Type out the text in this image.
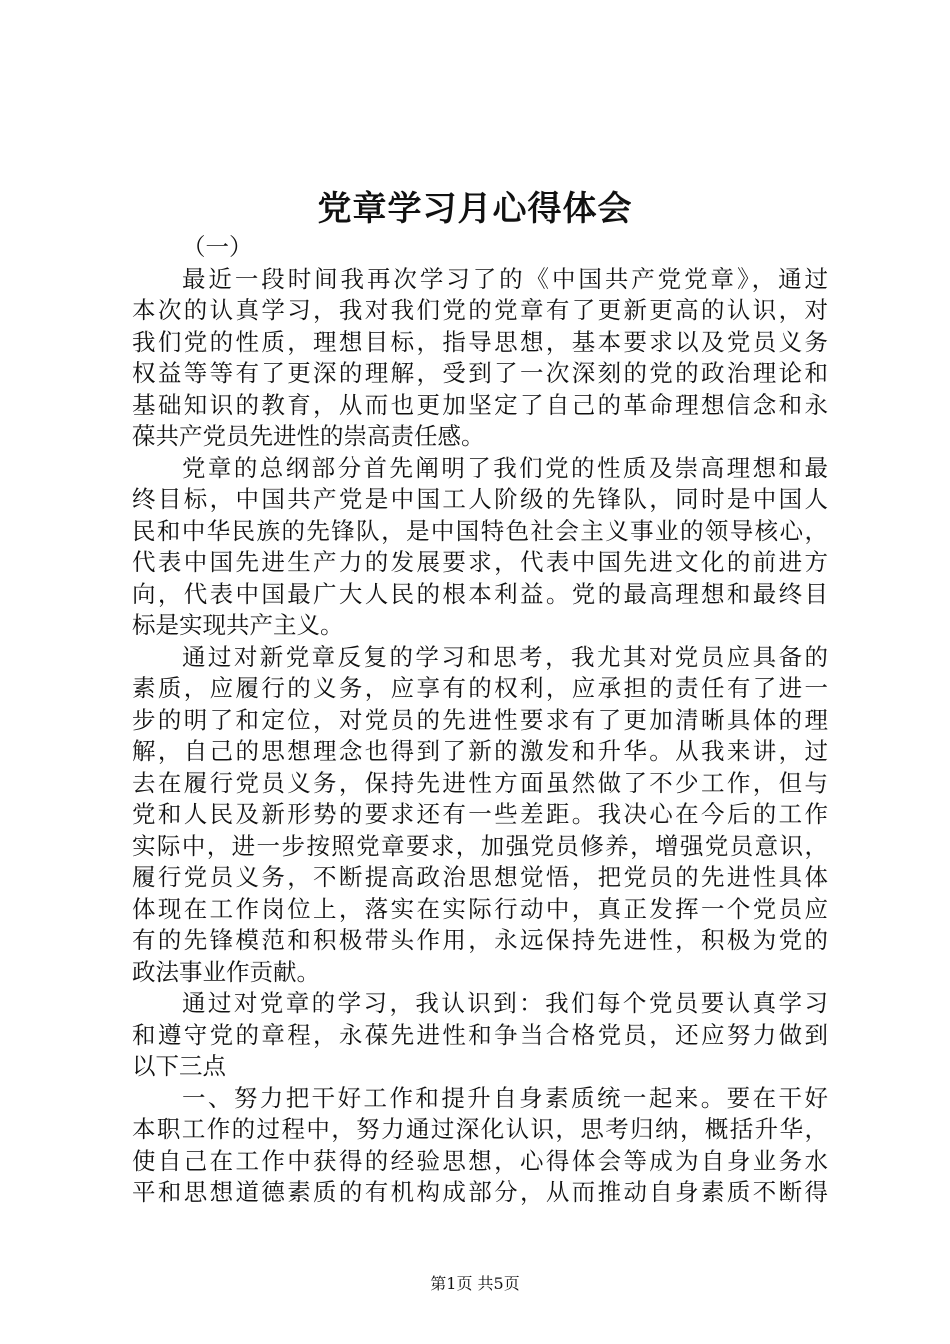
党章学习月心得体会
（一）
最近一段时间我再次学习了的《中国共产党党章》，通过
本次的认真学习，我对我们党的党章有了更新更高的认识，对
我们党的性质，理想目标，指导思想，基本要求以及党员义务
权益等等有了更深的理解，受到了一次深刻的党的政治理论和
基础知识的教育，从而也更加坚定了自己的革命理想信念和永
葆共产党员先进性的崇高责任感。
党章的总纲部分首先阐明了我们党的性质及崇高理想和最
终目标，中国共产党是中国工人阶级的先锋队，同时是中国人
民和中华民族的先锋队，是中国特色社会主义事业的领导核心，
代表中国先进生产力的发展要求，代表中国先进文化的前进方
向，代表中国最广大人民的根本利益。党的最高理想和最终目
标是实现共产主义。
通过对新党章反复的学习和思考，我尤其对党员应具备的
素质，应履行的义务，应享有的权利，应承担的责任有了进一
步的明了和定位，对党员的先进性要求有了更加清晰具体的理
解，自己的思想理念也得到了新的激发和升华。从我来讲，过
去在履行党员义务，保持先进性方面虽然做了不少工作，但与
党和人民及新形势的要求还有一些差距。我决心在今后的工作
实际中，进一步按照党章要求，加强党员修养，增强党员意识，
履行党员义务，不断提高政治思想觉悟，把党员的先进性具体
体现在工作岗位上，落实在实际行动中，真正发挥一个党员应
有的先锋模范和积极带头作用，永远保持先进性，积极为党的
政法事业作贡献。
通过对党章的学习，我认识到：我们每个党员要认真学习
和遵守党的章程，永葆先进性和争当合格党员，还应努力做到
以下三点
一、努力把干好工作和提升自身素质统一起来。要在干好
本职工作的过程中，努力通过深化认识，思考归纳，概括升华，
使自己在工作中获得的经验思想，心得体会等成为自身业务水
平和思想道德素质的有机构成部分，从而推动自身素质不断得
第1页 共5页
